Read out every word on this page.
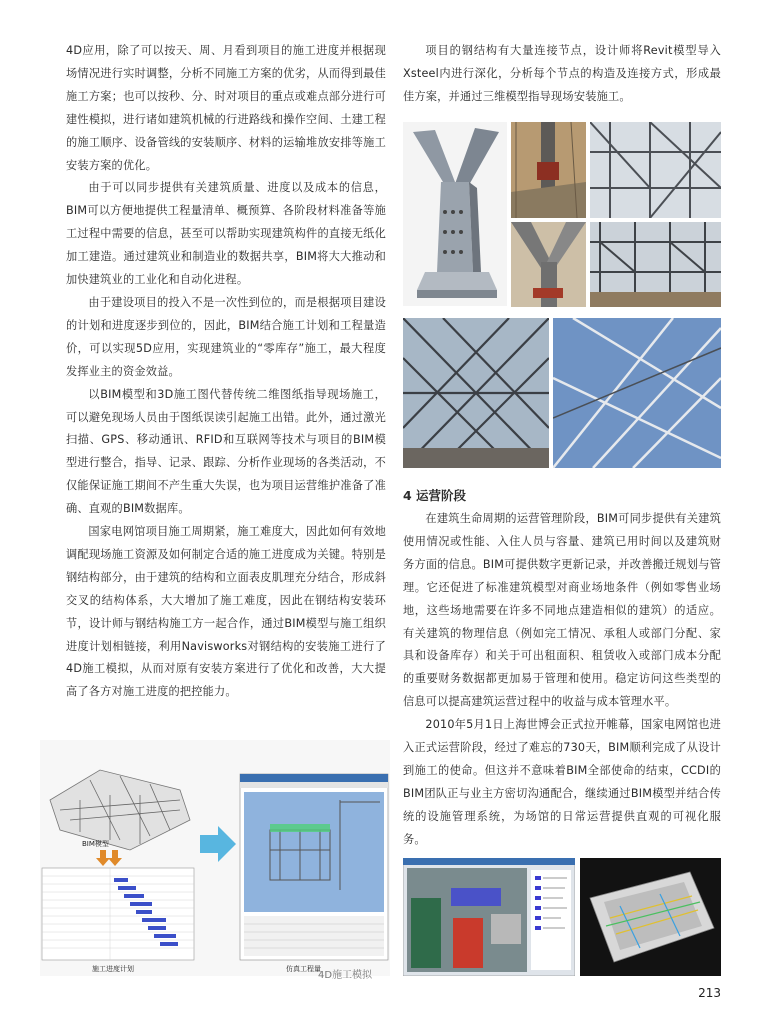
4D应用，除了可以按天、周、月看到项目的施工进度并根据现场情况进行实时调整，分析不同施工方案的优劣，从而得到最佳施工方案；也可以按秒、分、时对项目的重点或难点部分进行可建性模拟，进行诸如建筑机械的行进路线和操作空间、土建工程的施工顺序、设备管线的安装顺序、材料的运输堆放安排等施工安装方案的优化。

由于可以同步提供有关建筑质量、进度以及成本的信息，BIM可以方便地提供工程量清单、概预算、各阶段材料准备等施工过程中需要的信息，甚至可以帮助实现建筑构件的直接无纸化加工建造。通过建筑业和制造业的数据共享，BIM将大大推动和加快建筑业的工业化和自动化进程。

由于建设项目的投入不是一次性到位的，而是根据项目建设的计划和进度逐步到位的，因此，BIM结合施工计划和工程量造价，可以实现5D应用，实现建筑业的“零库存”施工，最大程度发挥业主的资金效益。

以BIM模型和3D施工图代替传统二维图纸指导现场施工，可以避免现场人员由于图纸误读引起施工出错。此外，通过激光扫描、GPS、移动通讯、RFID和互联网等技术与项目的BIM模型进行整合，指导、记录、跟踪、分析作业现场的各类活动，不仅能保证施工期间不产生重大失误，也为项目运营维护准备了准确、直观的BIM数据库。

国家电网馆项目施工周期紧，施工难度大，因此如何有效地调配现场施工资源及如何制定合适的施工进度成为关键。特别是钢结构部分，由于建筑的结构和立面表皮肌理充分结合，形成斜交叉的结构体系，大大增加了施工难度，因此在钢结构安装环节，设计师与钢结构施工方一起合作，通过BIM模型与施工组织进度计划相链接，利用Navisworks对钢结构的安装施工进行了4D施工模拟，从而对原有安装方案进行了优化和改善，大大提高了各方对施工进度的把控能力。

项目的钢结构有大量连接节点，设计师将Revit模型导入Xsteel内进行深化，分析每个节点的构造及连接方式，形成最佳方案，并通过三维模型指导现场安装施工。

4 运营阶段

在建筑生命周期的运营管理阶段，BIM可同步提供有关建筑使用情况或性能、入住人员与容量、建筑已用时间以及建筑财务方面的信息。BIM可提供数字更新记录，并改善搬迁规划与管理。它还促进了标准建筑模型对商业场地条件（例如零售业场地，这些场地需要在许多不同地点建造相似的建筑）的适应。有关建筑的物理信息（例如完工情况、承租人或部门分配、家具和设备库存）和关于可出租面积、租赁收入或部门成本分配的重要财务数据都更加易于管理和使用。稳定访问这些类型的信息可以提高建筑运营过程中的收益与成本管理水平。

2010年5月1日上海世博会正式拉开帷幕，国家电网馆也进入正式运营阶段，经过了难忘的730天，BIM顺利完成了从设计到施工的使命。但这并不意味着BIM全部使命的结束，CCDI的BIM团队正与业主方密切沟通配合，继续通过BIM模型并结合传统的设施管理系统，为场馆的日常运营提供直观的可视化服务。

BIM模型
施工进度计划	仿真工程量
4D施工模拟
213
